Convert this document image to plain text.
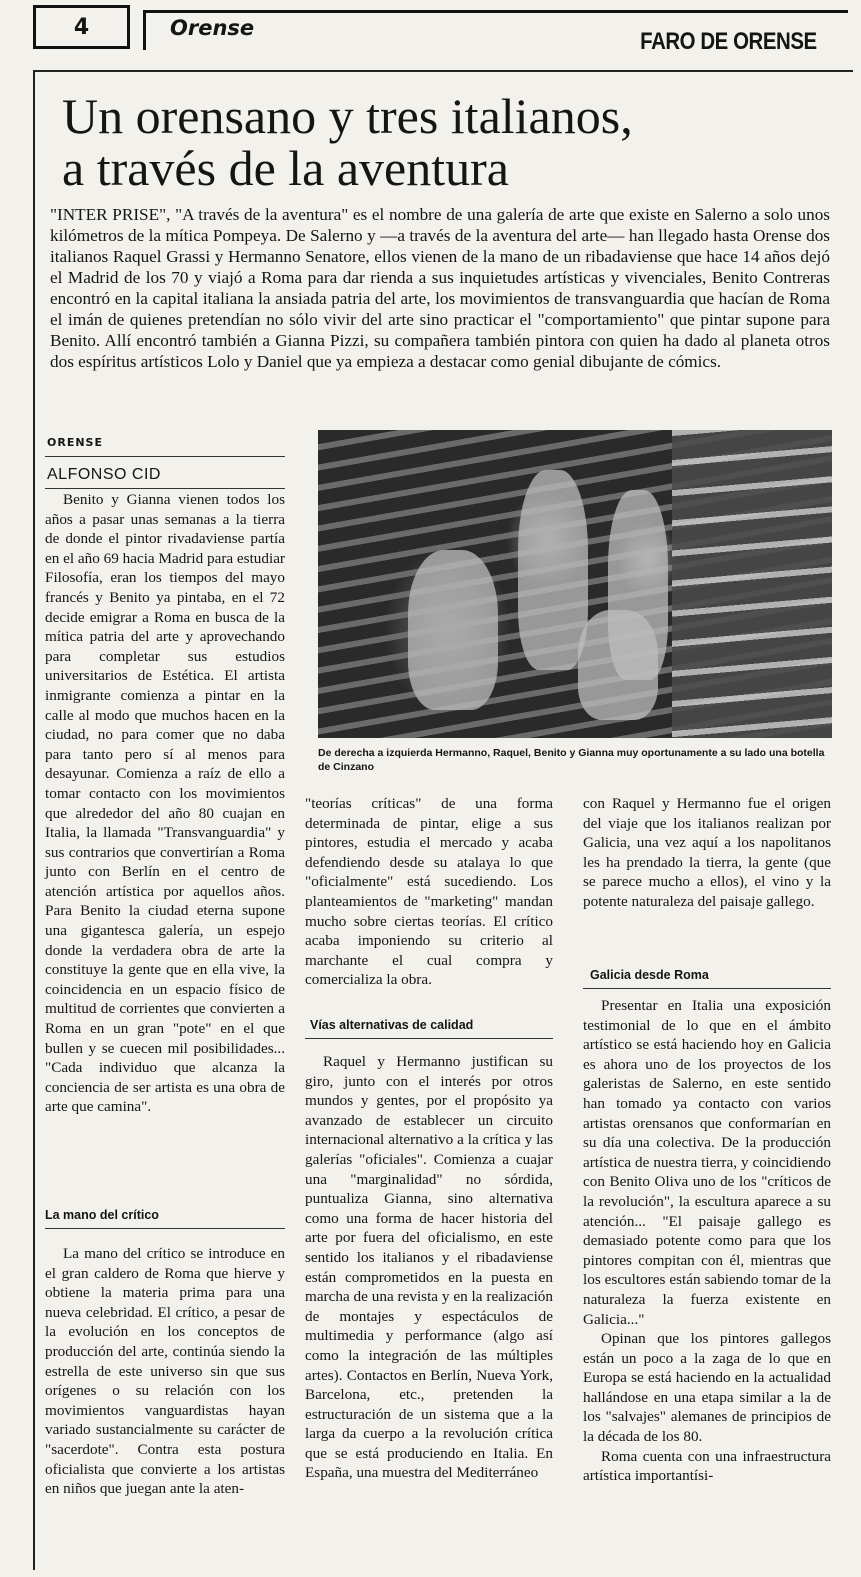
4	Orense	FARO DE ORENSE
Un orensano y tres italianos,
a través de la aventura

"INTER PRISE", "A través de la aventura" es el nombre de una galería de arte que existe en Salerno a solo unos kilómetros de la mítica Pompeya. De Salerno y —a través de la aventura del arte— han llegado hasta Orense dos italianos Raquel Grassi y Hermanno Senatore, ellos vienen de la mano de un ribadaviense que hace 14 años dejó el Madrid de los 70 y viajó a Roma para dar rienda a sus inquietudes artísticas y vivenciales, Benito Contreras encontró en la capital italiana la ansiada patria del arte, los movimientos de transvanguardia que hacían de Roma el imán de quienes pretendían no sólo vivir del arte sino practicar el "comportamiento" que pintar supone para Benito. Allí encontró también a Gianna Pizzi, su compañera también pintora con quien ha dado al planeta otros dos espíritus artísticos Lolo y Daniel que ya empieza a destacar como genial dibujante de cómics.

ORENSE
ALFONSO CID

Benito y Gianna vienen todos los años a pasar unas semanas a la tierra de donde el pintor rivadaviense partía en el año 69 hacia Madrid para estudiar Filosofía, eran los tiempos del mayo francés y Benito ya pintaba, en el 72 decide emigrar a Roma en busca de la mítica patria del arte y aprovechando para completar sus estudios universitarios de Estética. El artista inmigrante comienza a pintar en la calle al modo que muchos hacen en la ciudad, no para comer que no daba para tanto pero sí al menos para desayunar. Comienza a raíz de ello a tomar contacto con los movimientos que alrededor del año 80 cuajan en Italia, la llamada "Transvanguardia" y sus contrarios que convertirían a Roma junto con Berlín en el centro de atención artística por aquellos años. Para Benito la ciudad eterna supone una gigantesca galería, un espejo donde la verdadera obra de arte la constituye la gente que en ella vive, la coincidencia en un espacio físico de multitud de corrientes que convierten a Roma en un gran "pote" en el que bullen y se cuecen mil posibilidades... "Cada individuo que alcanza la conciencia de ser artista es una obra de arte que camina".

La mano del crítico

La mano del crítico se introduce en el gran caldero de Roma que hierve y obtiene la materia prima para una nueva celebridad. El crítico, a pesar de la evolución en los conceptos de producción del arte, continúa siendo la estrella de este universo sin que sus orígenes o su relación con los movimientos vanguardistas hayan variado sustancialmente su carácter de "sacerdote". Contra esta postura oficialista que convierte a los artistas en niños que juegan ante la aten-

De derecha a izquierda Hermanno, Raquel, Benito y Gianna muy oportunamente a su lado una botella de Cinzano

"teorías críticas" de una forma determinada de pintar, elige a sus pintores, estudia el mercado y acaba defendiendo desde su atalaya lo que "oficialmente" está sucediendo. Los planteamientos de "marketing" mandan mucho sobre ciertas teorías. El crítico acaba imponiendo su criterio al marchante el cual compra y comercializa la obra.

Vías alternativas de calidad

Raquel y Hermanno justifican su giro, junto con el interés por otros mundos y gentes, por el propósito ya avanzado de establecer un circuito internacional alternativo a la crítica y las galerías "oficiales". Comienza a cuajar una "marginalidad" no sórdida, puntualiza Gianna, sino alternativa como una forma de hacer historia del arte por fuera del oficialismo, en este sentido los italianos y el ribadaviense están comprometidos en la puesta en marcha de una revista y en la realización de montajes y espectáculos de multimedia y performance (algo así como la integración de las múltiples artes). Contactos en Berlín, Nueva York, Barcelona, etc., pretenden la estructuración de un sistema que a la larga da cuerpo a la revolución crítica que se está produciendo en Italia. En España, una muestra del Mediterráneo

con Raquel y Hermanno fue el origen del viaje que los italianos realizan por Galicia, una vez aquí a los napolitanos les ha prendado la tierra, la gente (que se parece mucho a ellos), el vino y la potente naturaleza del paisaje gallego.

Galicia desde Roma

Presentar en Italia una exposición testimonial de lo que en el ámbito artístico se está haciendo hoy en Galicia es ahora uno de los proyectos de los galeristas de Salerno, en este sentido han tomado ya contacto con varios artistas orensanos que conformarían en su día una colectiva. De la producción artística de nuestra tierra, y coincidiendo con Benito Oliva uno de los "críticos de la revolución", la escultura aparece a su atención... "El paisaje gallego es demasiado potente como para que los pintores compitan con él, mientras que los escultores están sabiendo tomar de la naturaleza la fuerza existente en Galicia..."

Opinan que los pintores gallegos están un poco a la zaga de lo que en Europa se está haciendo en la actualidad hallándose en una etapa similar a la de los "salvajes" alemanes de principios de la década de los 80.

Roma cuenta con una infraestructura artística importantísi-
